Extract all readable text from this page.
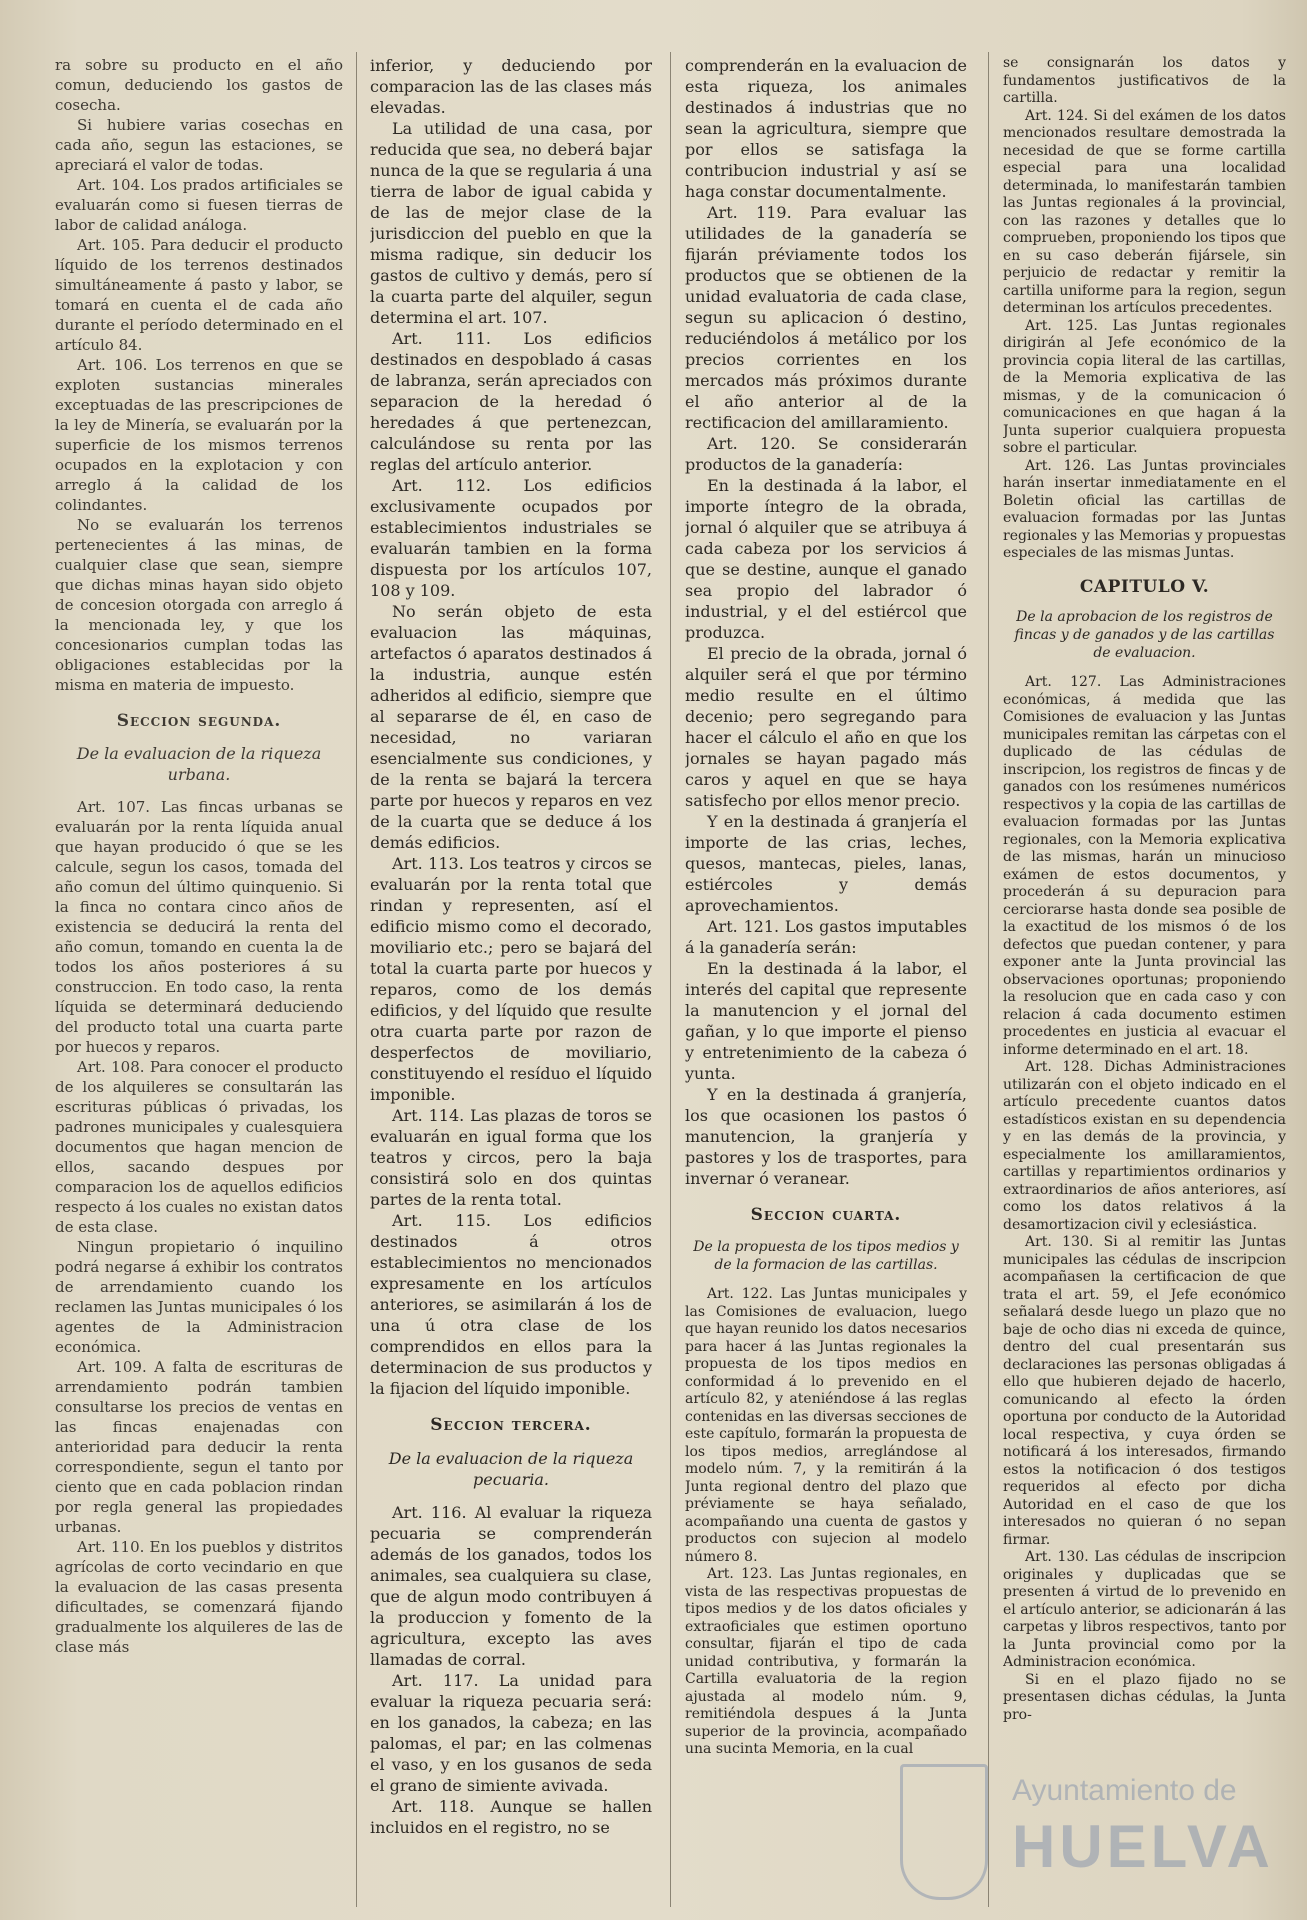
ra sobre su producto en el año comun, deduciendo los gastos de cosecha.

Si hubiere varias cosechas en cada año, segun las estaciones, se apreciará el valor de todas.

Art. 104. Los prados artificiales se evaluarán como si fuesen tierras de labor de calidad análoga.

Art. 105. Para deducir el producto líquido de los terrenos destinados simultáneamente á pasto y labor, se tomará en cuenta el de cada año durante el período determinado en el artículo 84.

Art. 106. Los terrenos en que se exploten sustancias minerales exceptuadas de las prescripciones de la ley de Minería, se evaluarán por la superficie de los mismos terrenos ocupados en la explotacion y con arreglo á la calidad de los colindantes.

No se evaluarán los terrenos pertenecientes á las minas, de cualquier clase que sean, siempre que dichas minas hayan sido objeto de concesion otorgada con arreglo á la mencionada ley, y que los concesionarios cumplan todas las obligaciones establecidas por la misma en materia de impuesto.

Seccion segunda.
De la evaluacion de la riqueza urbana.

Art. 107. Las fincas urbanas se evaluarán por la renta líquida anual que hayan producido ó que se les calcule, segun los casos, tomada del año comun del último quinquenio. Si la finca no contara cinco años de existencia se deducirá la renta del año comun, tomando en cuenta la de todos los años posteriores á su construccion. En todo caso, la renta líquida se determinará deduciendo del producto total una cuarta parte por huecos y reparos.

Art. 108. Para conocer el producto de los alquileres se consultarán las escrituras públicas ó privadas, los padrones municipales y cualesquiera documentos que hagan mencion de ellos, sacando despues por comparacion los de aquellos edificios respecto á los cuales no existan datos de esta clase.

Ningun propietario ó inquilino podrá negarse á exhibir los contratos de arrendamiento cuando los reclamen las Juntas municipales ó los agentes de la Administracion económica.

Art. 109. A falta de escrituras de arrendamiento podrán tambien consultarse los precios de ventas en las fincas enajenadas con anterioridad para deducir la renta correspondiente, segun el tanto por ciento que en cada poblacion rindan por regla general las propiedades urbanas.

Art. 110. En los pueblos y distritos agrícolas de corto vecindario en que la evaluacion de las casas presenta dificultades, se comenzará fijando gradualmente los alquileres de las de clase más

inferior, y deduciendo por comparacion las de las clases más elevadas.

La utilidad de una casa, por reducida que sea, no deberá bajar nunca de la que se regularia á una tierra de labor de igual cabida y de las de mejor clase de la jurisdiccion del pueblo en que la misma radique, sin deducir los gastos de cultivo y demás, pero sí la cuarta parte del alquiler, segun determina el art. 107.

Art. 111. Los edificios destinados en despoblado á casas de labranza, serán apreciados con separacion de la heredad ó heredades á que pertenezcan, calculándose su renta por las reglas del artículo anterior.

Art. 112. Los edificios exclusivamente ocupados por establecimientos industriales se evaluarán tambien en la forma dispuesta por los artículos 107, 108 y 109.

No serán objeto de esta evaluacion las máquinas, artefactos ó aparatos destinados á la industria, aunque estén adheridos al edificio, siempre que al separarse de él, en caso de necesidad, no variaran esencialmente sus condiciones, y de la renta se bajará la tercera parte por huecos y reparos en vez de la cuarta que se deduce á los demás edificios.

Art. 113. Los teatros y circos se evaluarán por la renta total que rindan y representen, así el edificio mismo como el decorado, moviliario etc.; pero se bajará del total la cuarta parte por huecos y reparos, como de los demás edificios, y del líquido que resulte otra cuarta parte por razon de desperfectos de moviliario, constituyendo el resíduo el líquido imponible.

Art. 114. Las plazas de toros se evaluarán en igual forma que los teatros y circos, pero la baja consistirá solo en dos quintas partes de la renta total.

Art. 115. Los edificios destinados á otros establecimientos no mencionados expresamente en los artículos anteriores, se asimilarán á los de una ú otra clase de los comprendidos en ellos para la determinacion de sus productos y la fijacion del líquido imponible.

Seccion tercera.
De la evaluacion de la riqueza pecuaria.

Art. 116. Al evaluar la riqueza pecuaria se comprenderán además de los ganados, todos los animales, sea cualquiera su clase, que de algun modo contribuyen á la produccion y fomento de la agricultura, excepto las aves llamadas de corral.

Art. 117. La unidad para evaluar la riqueza pecuaria será: en los ganados, la cabeza; en las palomas, el par; en las colmenas el vaso, y en los gusanos de seda el grano de simiente avivada.

Art. 118. Aunque se hallen incluidos en el registro, no se

comprenderán en la evaluacion de esta riqueza, los animales destinados á industrias que no sean la agricultura, siempre que por ellos se satisfaga la contribucion industrial y así se haga constar documentalmente.

Art. 119. Para evaluar las utilidades de la ganadería se fijarán préviamente todos los productos que se obtienen de la unidad evaluatoria de cada clase, segun su aplicacion ó destino, reduciéndolos á metálico por los precios corrientes en los mercados más próximos durante el año anterior al de la rectificacion del amillaramiento.

Art. 120. Se considerarán productos de la ganadería:

En la destinada á la labor, el importe íntegro de la obrada, jornal ó alquiler que se atribuya á cada cabeza por los servicios á que se destine, aunque el ganado sea propio del labrador ó industrial, y el del estiércol que produzca.

El precio de la obrada, jornal ó alquiler será el que por término medio resulte en el último decenio; pero segregando para hacer el cálculo el año en que los jornales se hayan pagado más caros y aquel en que se haya satisfecho por ellos menor precio.

Y en la destinada á granjería el importe de las crias, leches, quesos, mantecas, pieles, lanas, estiércoles y demás aprovechamientos.

Art. 121. Los gastos imputables á la ganadería serán:

En la destinada á la labor, el interés del capital que represente la manutencion y el jornal del gañan, y lo que importe el pienso y entretenimiento de la cabeza ó yunta.

Y en la destinada á granjería, los que ocasionen los pastos ó manutencion, la granjería y pastores y los de trasportes, para invernar ó veranear.

Seccion cuarta.
De la propuesta de los tipos medios y de la formacion de las cartillas.

Art. 122. Las Juntas municipales y las Comisiones de evaluacion, luego que hayan reunido los datos necesarios para hacer á las Juntas regionales la propuesta de los tipos medios en conformidad á lo prevenido en el artículo 82, y ateniéndose á las reglas contenidas en las diversas secciones de este capítulo, formarán la propuesta de los tipos medios, arreglándose al modelo núm. 7, y la remitirán á la Junta regional dentro del plazo que préviamente se haya señalado, acompañando una cuenta de gastos y productos con sujecion al modelo número 8.

Art. 123. Las Juntas regionales, en vista de las respectivas propuestas de tipos medios y de los datos oficiales y extraoficiales que estimen oportuno consultar, fijarán el tipo de cada unidad contributiva, y formarán la Cartilla evaluatoria de la region ajustada al modelo núm. 9, remitiéndola despues á la Junta superior de la provincia, acompañado una sucinta Memoria, en la cual

se consignarán los datos y fundamentos justificativos de la cartilla.

Art. 124. Si del exámen de los datos mencionados resultare demostrada la necesidad de que se forme cartilla especial para una localidad determinada, lo manifestarán tambien las Juntas regionales á la provincial, con las razones y detalles que lo comprueben, proponiendo los tipos que en su caso deberán fijársele, sin perjuicio de redactar y remitir la cartilla uniforme para la region, segun determinan los artículos precedentes.

Art. 125. Las Juntas regionales dirigirán al Jefe económico de la provincia copia literal de las cartillas, de la Memoria explicativa de las mismas, y de la comunicacion ó comunicaciones en que hagan á la Junta superior cualquiera propuesta sobre el particular.

Art. 126. Las Juntas provinciales harán insertar inmediatamente en el Boletin oficial las cartillas de evaluacion formadas por las Juntas regionales y las Memorias y propuestas especiales de las mismas Juntas.

CAPITULO V.
De la aprobacion de los registros de fincas y de ganados y de las cartillas de evaluacion.

Art. 127. Las Administraciones económicas, á medida que las Comisiones de evaluacion y las Juntas municipales remitan las cárpetas con el duplicado de las cédulas de inscripcion, los registros de fincas y de ganados con los resúmenes numéricos respectivos y la copia de las cartillas de evaluacion formadas por las Juntas regionales, con la Memoria explicativa de las mismas, harán un minucioso exámen de estos documentos, y procederán á su depuracion para cerciorarse hasta donde sea posible de la exactitud de los mismos ó de los defectos que puedan contener, y para exponer ante la Junta provincial las observaciones oportunas; proponiendo la resolucion que en cada caso y con relacion á cada documento estimen procedentes en justicia al evacuar el informe determinado en el art. 18.

Art. 128. Dichas Administraciones utilizarán con el objeto indicado en el artículo precedente cuantos datos estadísticos existan en su dependencia y en las demás de la provincia, y especialmente los amillaramientos, cartillas y repartimientos ordinarios y extraordinarios de años anteriores, así como los datos relativos á la desamortizacion civil y eclesiástica.

Art. 130. Si al remitir las Juntas municipales las cédulas de inscripcion acompañasen la certificacion de que trata el art. 59, el Jefe económico señalará desde luego un plazo que no baje de ocho dias ni exceda de quince, dentro del cual presentarán sus declaraciones las personas obligadas á ello que hubieren dejado de hacerlo, comunicando al efecto la órden oportuna por conducto de la Autoridad local respectiva, y cuya órden se notificará á los interesados, firmando estos la notificacion ó dos testigos requeridos al efecto por dicha Autoridad en el caso de que los interesados no quieran ó no sepan firmar.

Art. 130. Las cédulas de inscripcion originales y duplicadas que se presenten á virtud de lo prevenido en el artículo anterior, se adicionarán á las carpetas y libros respectivos, tanto por la Junta provincial como por la Administracion económica.

Si en el plazo fijado no se presentasen dichas cédulas, la Junta pro-

Ayuntamiento de
HUELVA
